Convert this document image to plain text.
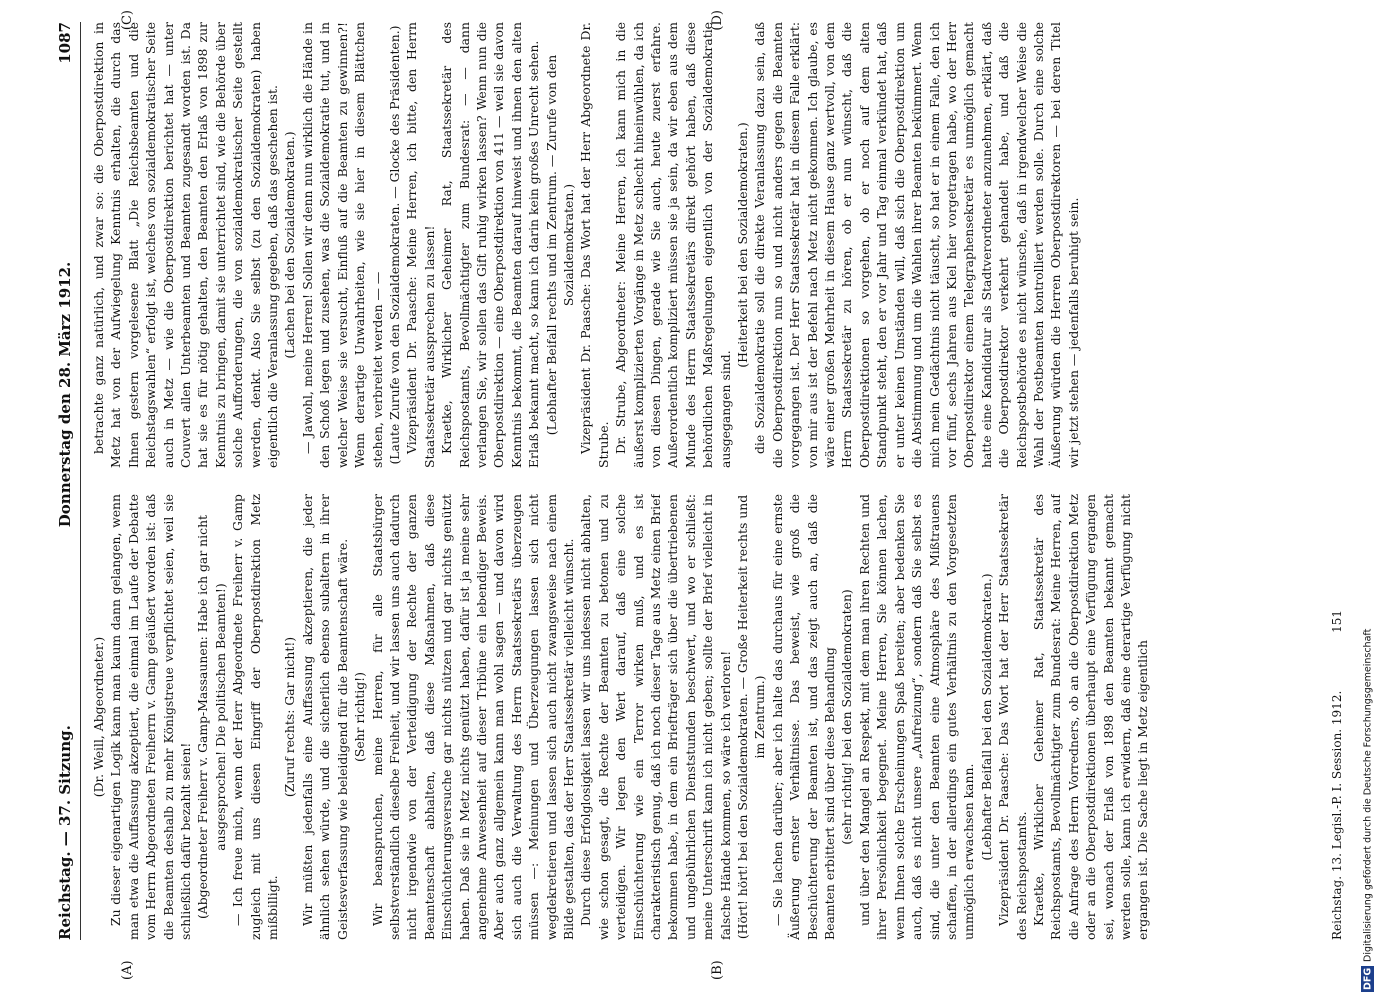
Reichstag. — 37. Sitzung.
Donnerstag den 28. März 1912.
1087
(A)	(B)
(C)	(D)

(Dr. Weill, Abgeordneter.) Zu dieser eigenartigen Logik kann man kaum dann gelangen, wenn man etwa die Auffassung akzeptiert, die einmal im Laufe der Debatte vom Herrn Abgeordneten Freiherrn v. Gamp geäußert worden ist: daß die Beamten deshalb zu mehr Königstreue verpflichtet seien, weil sie schließlich dafür bezahlt seien! (Abgeordneter Freiherr v. Gamp-Massaunen: Habe ich gar nicht ausgesprochen! Die politischen Beamten!) — Ich freue mich, wenn der Herr Abgeordnete Freiherr v. Gamp zugleich mit uns diesen Eingriff der Oberpostdirektion Metz mißbilligt.

(Zuruf rechts: Gar nicht!) Wir müßten jedenfalls eine Auffassung akzeptieren, die jeder ähnlich sehen würde, und die sicherlich ebenso subaltern in ihrer Geistesverfassung wie beleidigend für die Beamtenschaft wäre. (Sehr richtig!) Wir beanspruchen, meine Herren, für alle Staatsbürger selbstverständlich dieselbe Freiheit, und wir lassen uns auch dadurch nicht irgendwie von der Verteidigung der Rechte der ganzen Beamtenschaft abhalten, daß diese Maßnahmen, daß diese Einschüchterungsversuche gar nichts nützen und gar nichts genützt haben. Daß sie in Metz nichts genützt haben, dafür ist ja meine sehr angenehme Anwesenheit auf dieser Tribüne ein lebendiger Beweis. Aber auch ganz allgemein kann man wohl sagen — und davon wird sich auch die Verwaltung des Herrn Staatssekretärs überzeugen müssen —: Meinungen und Überzeugungen lassen sich nicht wegdekretieren und lassen sich auch nicht zwangsweise nach einem Bilde gestalten, das der Herr Staatssekretär vielleicht wünscht. Durch diese Erfolglosigkeit lassen wir uns indessen nicht abhalten, wie schon gesagt, die Rechte der Beamten zu betonen und zu verteidigen. Wir legen den Wert darauf, daß eine solche Einschüchterung wie ein Terror wirken muß, und es ist charakteristisch genug, daß ich noch dieser Tage aus Metz einen Brief bekommen habe, in dem ein Briefträger sich über die übertriebenen und ungebührlichen Dienststunden beschwert, und wo er schließt: meine Unterschrift kann ich nicht geben; sollte der Brief vielleicht in falsche Hände kommen, so wäre ich verloren! (Hört! hört! bei den Sozialdemokraten. — Große Heiterkeit rechts und im Zentrum.) — Sie lachen darüber; aber ich halte das durchaus für eine ernste Äußerung ernster Verhältnisse. Das beweist, wie groß die Beschüchterung der Beamten ist, und das zeigt auch an, daß die Beamten erbittert sind über diese Behandlung (sehr richtig! bei den Sozialdemokraten) und über den Mangel an Respekt, mit dem man ihren Rechten und ihrer Persönlichkeit begegnet. Meine Herren, Sie können lachen, wenn Ihnen solche Erscheinungen Spaß bereiten; aber bedenken Sie auch, daß es nicht unsere „Aufreizung“, sondern daß Sie selbst es sind, die unter den Beamten eine Atmosphäre des Mißtrauens schaffen, in der allerdings ein gutes Verhältnis zu den Vorgesetzten unmöglich erwachsen kann. (Lebhafter Beifall bei den Sozialdemokraten.) Vizepräsident Dr. Paasche: Das Wort hat der Herr Staatssekretär des Reichspostamts. Kraetke, Wirklicher Geheimer Rat, Staatssekretär des Reichspostamts, Bevollmächtigter zum Bundesrat: Meine Herren, auf die Anfrage des Herrn Vorredners, ob an die Oberpostdirektion Metz oder an die Oberpostdirektionen überhaupt eine Verfügung ergangen sei, wonach der Erlaß von 1898 den Beamten bekannt gemacht werden solle, kann ich erwidern, daß eine derartige Verfügung nicht ergangen ist. Die Sache liegt in Metz eigentlich

betrachte ganz natürlich, und zwar so: die Oberpostdirektion in Metz hat von der Aufwiegelung Kenntnis erhalten, die durch das Ihnen gestern vorgelesene Blatt „Die Reichsbeamten und die Reichstagswahlen“ erfolgt ist, welches von sozialdemokratischer Seite auch in Metz — wie die Oberpostdirektion berichtet hat — unter Couvert allen Unterbeamten und Beamten zugesandt worden ist. Da hat sie es für nötig gehalten, den Beamten den Erlaß von 1898 zur Kenntnis zu bringen, damit sie unterrichtet sind, wie die Behörde über solche Aufforderungen, die von sozialdemokratischer Seite gestellt werden, denkt. Also Sie selbst (zu den Sozialdemokraten) haben eigentlich die Veranlassung gegeben, daß das geschehen ist. (Lachen bei den Sozialdemokraten.) — Jawohl, meine Herren! Sollen wir denn nun wirklich die Hände in den Schoß legen und zusehen, was die Sozialdemokratie tut, und in welcher Weise sie versucht, Einfluß auf die Beamten zu gewinnen?! Wenn derartige Unwahrheiten, wie sie hier in diesem Blättchen stehen, verbreitet werden — — (Laute Zurufe von den Sozialdemokraten. — Glocke des Präsidenten.) Vizepräsident Dr. Paasche: Meine Herren, ich bitte, den Herrn Staatssekretär aussprechen zu lassen! Kraetke, Wirklicher Geheimer Rat, Staatssekretär des Reichspostamts, Bevollmächtigter zum Bundesrat: — — dann verlangen Sie, wir sollen das Gift ruhig wirken lassen? Wenn nun die Oberpostdirektion — eine Oberpostdirektion von 411 — weil sie davon Kenntnis bekommt, die Beamten darauf hinweist und ihnen den alten Erlaß bekannt macht, so kann ich darin kein großes Unrecht sehen. (Lebhafter Beifall rechts und im Zentrum. — Zurufe von den Sozialdemokraten.) Vizepräsident Dr. Paasche: Das Wort hat der Herr Abgeordnete Dr. Strube. Dr. Strube, Abgeordneter: Meine Herren, ich kann mich in die äußerst komplizierten Vorgänge in Metz schlecht hineinwühlen, da ich von diesen Dingen, gerade wie Sie auch, heute zuerst erfahre. Außerordentlich kompliziert müssen sie ja sein, da wir eben aus dem Munde des Herrn Staatssekretärs direkt gehört haben, daß diese behördlichen Maßregelungen eigentlich von der Sozialdemokratie ausgegangen sind.

(Heiterkeit bei den Sozialdemokraten.) die Sozialdemokratie soll die direkte Veranlassung dazu sein, daß die Oberpostdirektion nun so und nicht anders gegen die Beamten vorgegangen ist. Der Herr Staatssekretär hat in diesem Falle erklärt: von mir aus ist der Befehl nach Metz nicht gekommen. Ich glaube, es wäre einer großen Mehrheit in diesem Hause ganz wertvoll, von dem Herrn Staatssekretär zu hören, ob er nun wünscht, daß die Oberpostdirektionen so vorgehen, ob er noch auf dem alten Standpunkt steht, den er vor Jahr und Tag einmal verkündet hat, daß er unter keinen Umständen will, daß sich die Oberpostdirektion um die Abstimmung und um die Wahlen ihrer Beamten bekümmert. Wenn mich mein Gedächtnis nicht täuscht, so hat er in einem Falle, den ich vor fünf, sechs Jahren aus Kiel hier vorgetragen habe, wo der Herr Oberpostdirektor einem Telegraphensekretär es unmöglich gemacht hatte eine Kandidatur als Stadtverordneter anzunehmen, erklärt, daß die Oberpostdirektor verkehrt gehandelt habe, und daß die Reichspostbehörde es nicht wünsche, daß in irgendwelcher Weise die Wahl der Postbeamten kontrolliert werden solle. Durch eine solche Äußerung würden die Herren Oberpostdirektoren — bei deren Titel wir jetzt stehen — jedenfalls beruhigt sein.

Reichstag. 13. Legisl.-P. I. Session. 1912.
151
DFG
Digitalisierung gefördert durch die Deutsche Forschungsgemeinschaft
